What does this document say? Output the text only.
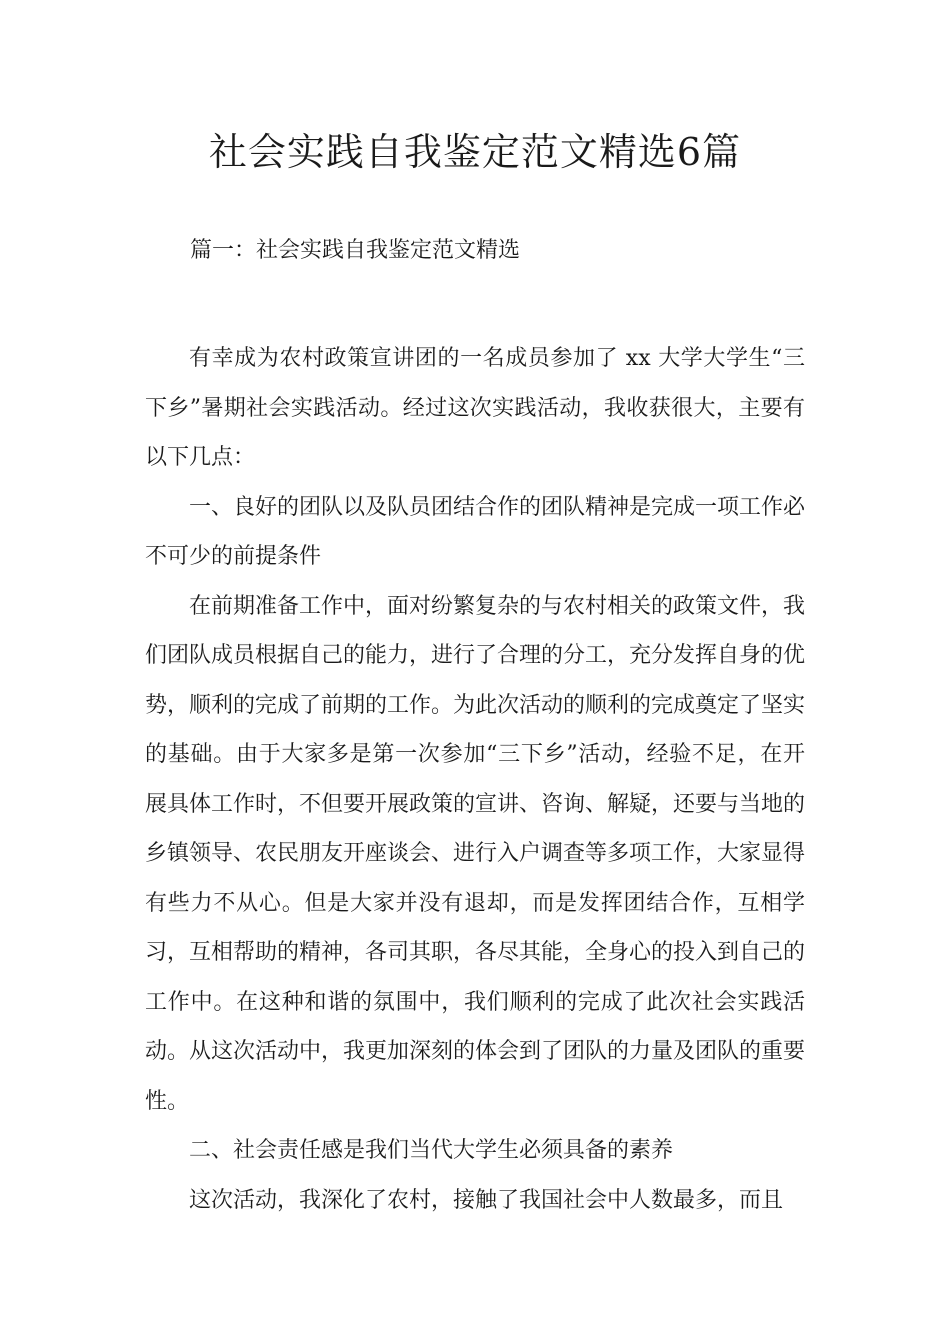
社会实践自我鉴定范文精选6篇
篇一：社会实践自我鉴定范文精选

有幸成为农村政策宣讲团的一名成员参加了 xx 大学大学生“三下乡”暑期社会实践活动。经过这次实践活动，我收获很大，主要有以下几点：

一、良好的团队以及队员团结合作的团队精神是完成一项工作必不可少的前提条件

在前期准备工作中，面对纷繁复杂的与农村相关的政策文件，我们团队成员根据自己的能力，进行了合理的分工，充分发挥自身的优势，顺利的完成了前期的工作。为此次活动的顺利的完成奠定了坚实的基础。由于大家多是第一次参加“三下乡”活动，经验不足，在开展具体工作时，不但要开展政策的宣讲、咨询、解疑，还要与当地的乡镇领导、农民朋友开座谈会、进行入户调查等多项工作，大家显得有些力不从心。但是大家并没有退却，而是发挥团结合作，互相学习，互相帮助的精神，各司其职，各尽其能，全身心的投入到自己的工作中。在这种和谐的氛围中，我们顺利的完成了此次社会实践活动。从这次活动中，我更加深刻的体会到了团队的力量及团队的重要性。

二、社会责任感是我们当代大学生必须具备的素养

这次活动，我深化了农村，接触了我国社会中人数最多，而且
